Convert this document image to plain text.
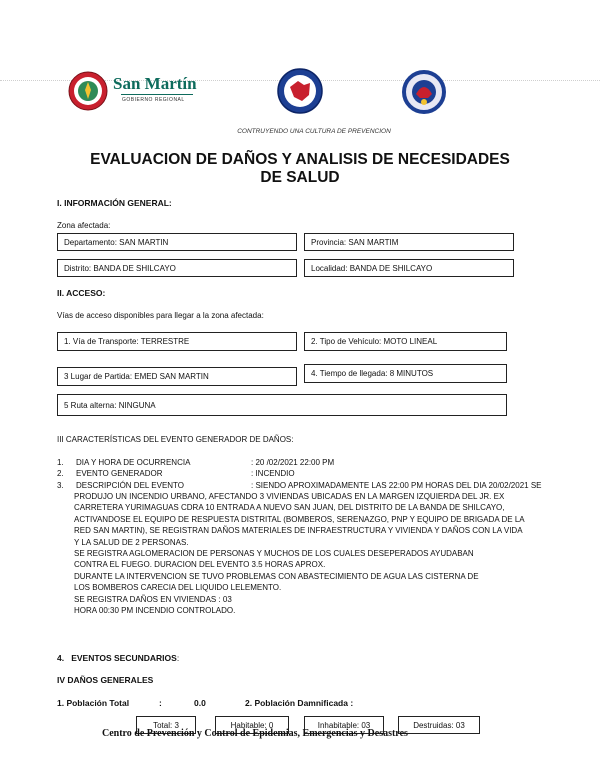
San Martín
GOBIERNO REGIONAL
CONTRUYENDO UNA CULTURA DE PREVENCION
EVALUACION DE DAÑOS Y ANALISIS DE NECESIDADES
DE SALUD
I. INFORMACIÓN GENERAL:
Zona afectada:
Departamento: SAN MARTIN	Provincia: SAN MARTIM
Distrito: BANDA DE SHILCAYO	Localidad: BANDA DE SHILCAYO
II. ACCESO:
Vías de acceso disponibles para llegar a la zona afectada:
1. Vía de Transporte: TERRESTRE	2. Tipo de Vehículo: MOTO LINEAL
3 Lugar de Partida: EMED SAN MARTIN	4. Tiempo de llegada: 8 MINUTOS
5 Ruta alterna: NINGUNA
III CARACTERÍSTICAS DEL EVENTO GENERADOR DE DAÑOS:
1.	DIA Y HORA DE OCURRENCIA	: 20 /02/2021 22:00 PM
2.	EVENTO GENERADOR	: INCENDIO
3.	DESCRIPCIÓN DEL EVENTO	: SIENDO APROXIMADAMENTE LAS 22:00 PM HORAS DEL DIA 20/02/2021 SE
PRODUJO UN INCENDIO URBANO, AFECTANDO 3 VIVIENDAS UBICADAS EN LA MARGEN IZQUIERDA DEL JR. EX
CARRETERA YURIMAGUAS CDRA 10 ENTRADA A NUEVO SAN JUAN, DEL DISTRITO DE LA BANDA DE SHILCAYO,
ACTIVANDOSE EL EQUIPO DE RESPUESTA DISTRITAL (BOMBEROS, SERENAZGO, PNP Y EQUIPO DE BRIGADA DE LA
RED SAN MARTIN), SE REGISTRAN DAÑOS MATERIALES DE INFRAESTRUCTURA Y VIVIENDA Y DAÑOS CON LA VIDA
Y LA SALUD DE 2 PERSONAS.
SE REGISTRA AGLOMERACION DE PERSONAS Y MUCHOS DE LOS CUALES DESEPERADOS AYUDABAN
CONTRA EL FUEGO. DURACION DEL EVENTO 3.5 HORAS APROX.
DURANTE LA INTERVENCION SE TUVO PROBLEMAS CON ABASTECIMIENTO DE AGUA LAS CISTERNA DE
LOS BOMBEROS CARECIA DEL LIQUIDO LELEMENTO.
SE REGISTRA DAÑOS EN VIVIENDAS : 03
HORA 00:30 PM INCENDIO CONTROLADO.
4. EVENTOS SECUNDARIOS:
IV DAÑOS GENERALES
1. Población Total	:	0.0	2. Población Damnificada :
Total: 3	Habitable: 0	Inhabitable: 03	Destruidas: 03
Centro de Prevención y Control de Epidemias, Emergencias y Desastres
